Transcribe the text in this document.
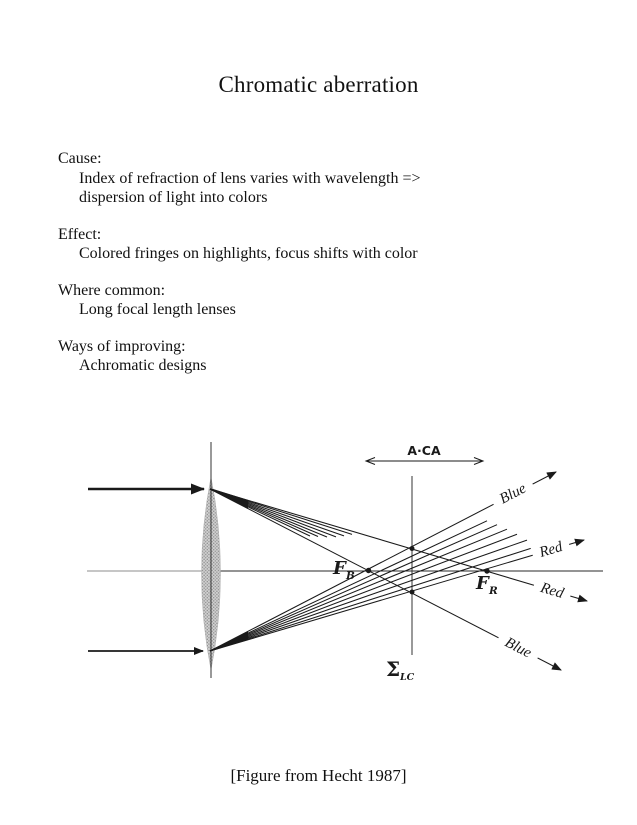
Chromatic aberration

Cause:

Index of refraction of lens varies with wavelength =>

dispersion of light into colors

Effect:

Colored fringes on highlights, focus shifts with color

Where common:

Long focal length lenses

Ways of improving:

Achromatic designs

A·CA
F B	F R
Σ LC
Blue
Red
Red
Blue
[Figure from Hecht 1987]
